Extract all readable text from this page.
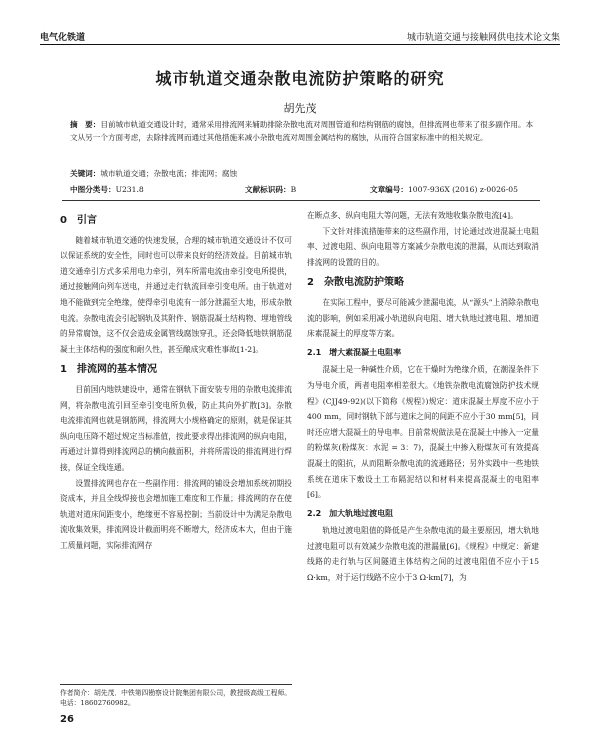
电气化铁道	城市轨道交通与接触网供电技术论文集
城市轨道交通杂散电流防护策略的研究
胡先茂
摘　要：目前城市轨道交通设计时，通常采用排流网来辅助排除杂散电流对周围管道和结构钢筋的腐蚀，但排流网也带来了很多副作用。本文从另一个方面考虑，去除排流网而通过其他措施来减小杂散电流对周围金属结构的腐蚀，从而符合国家标准中的相关规定。
关键词：城市轨道交通；杂散电流；排流网；腐蚀
中图分类号：U231.8	文献标识码：B	文章编号：1007-936X (2016) z-0026-05
0　引言

随着城市轨道交通的快速发展，合理的城市轨道交通设计不仅可以保证系统的安全性，同时也可以带来良好的经济效益。目前城市轨道交通牵引方式多采用电力牵引，列车所需电流由牵引变电所提供，通过接触网向列车送电，并通过走行轨流回牵引变电所。由于轨道对地不能做到完全绝缘，使得牵引电流有一部分泄漏至大地，形成杂散电流。杂散电流会引起钢轨及其附件、钢筋混凝土结构物、埋地管线的异常腐蚀，这不仅会造成金属管线腐蚀穿孔，还会降低地铁钢筋混凝土主体结构的强度和耐久性，甚至酿成灾难性事故[1-2]。

1　排流网的基本情况

目前国内地铁建设中，通常在钢轨下面安装专用的杂散电流排流网，将杂散电流引回至牵引变电所负极，防止其向外扩散[3]。杂散电流排流网也就是钢筋网，排流网大小规格确定的原则，就是保证其纵向电压降不超过规定当标准值，按此要求得出排流网的纵向电阻，再通过计算得到排流网总的横向截面积，并将所需设的排流网进行焊接，保证全线连通。

设置排流网也存在一些副作用：排流网的铺设会增加系统初期投资成本，并且全线焊接也会增加施工难度和工作量；排流网的存在使轨道对道床间距变小，绝缘更不容易控制；当前设计中为满足杂散电流收集效果，排流网设计截面明亮不断增大，经济成本大，但由于施工质量问题，实际排流网存

作者简介：胡先茂．中铁第四勘察设计院集团有限公司，教授级高级工程师。电话：18602760982。
26

在断点多、纵向电阻大等问题，无法有效地收集杂散电流[4]。

下文针对排流措施带来的这些副作用，讨论通过改进混凝土电阻率、过渡电阻、纵向电阻等方案减少杂散电流的泄漏，从而达到取消排流网的设置的目的。

2　杂散电流防护策略

在实际工程中，要尽可能减少泄漏电流，从“源头”上消除杂散电流的影响，例如采用减小轨道纵向电阻、增大轨地过渡电阻、增加道床素混凝土的厚度等方案。

2.1　增大素混凝土电阻率

混凝土是一种碱性介质，它在干燥时为绝缘介质，在潮湿条件下为导电介质，两者电阻率相差很大。《地铁杂散电流腐蚀防护技术规程》(CJJ49-92)(以下简称《规程》)规定：道床混凝土厚度不应小于400 mm，同时钢轨下部与道床之间的间距不应小于30 mm[5]，同时还应增大混凝土的导电率。目前常规做法是在混凝土中掺入一定量的粉煤灰(粉煤灰：水泥 = 3：7)，混凝土中掺入粉煤灰可有效提高混凝土的阻抗，从而阻断杂散电流的流通路径；另外实践中一些地铁系统在道床下敷设土工布隔泥结以和材料来提高混凝土的电阻率[6]。

2.2　加大轨地过渡电阻

轨地过渡电阻值的降低是产生杂散电流的最主要原因，增大轨地过渡电阻可以有效减少杂散电流的泄漏量[6]。《规程》中规定：新建线路的走行轨与区间隧道主体结构之间的过渡电阻值不应小于15 Ω·km，对于运行线路不应小于3 Ω·km[7]，为
